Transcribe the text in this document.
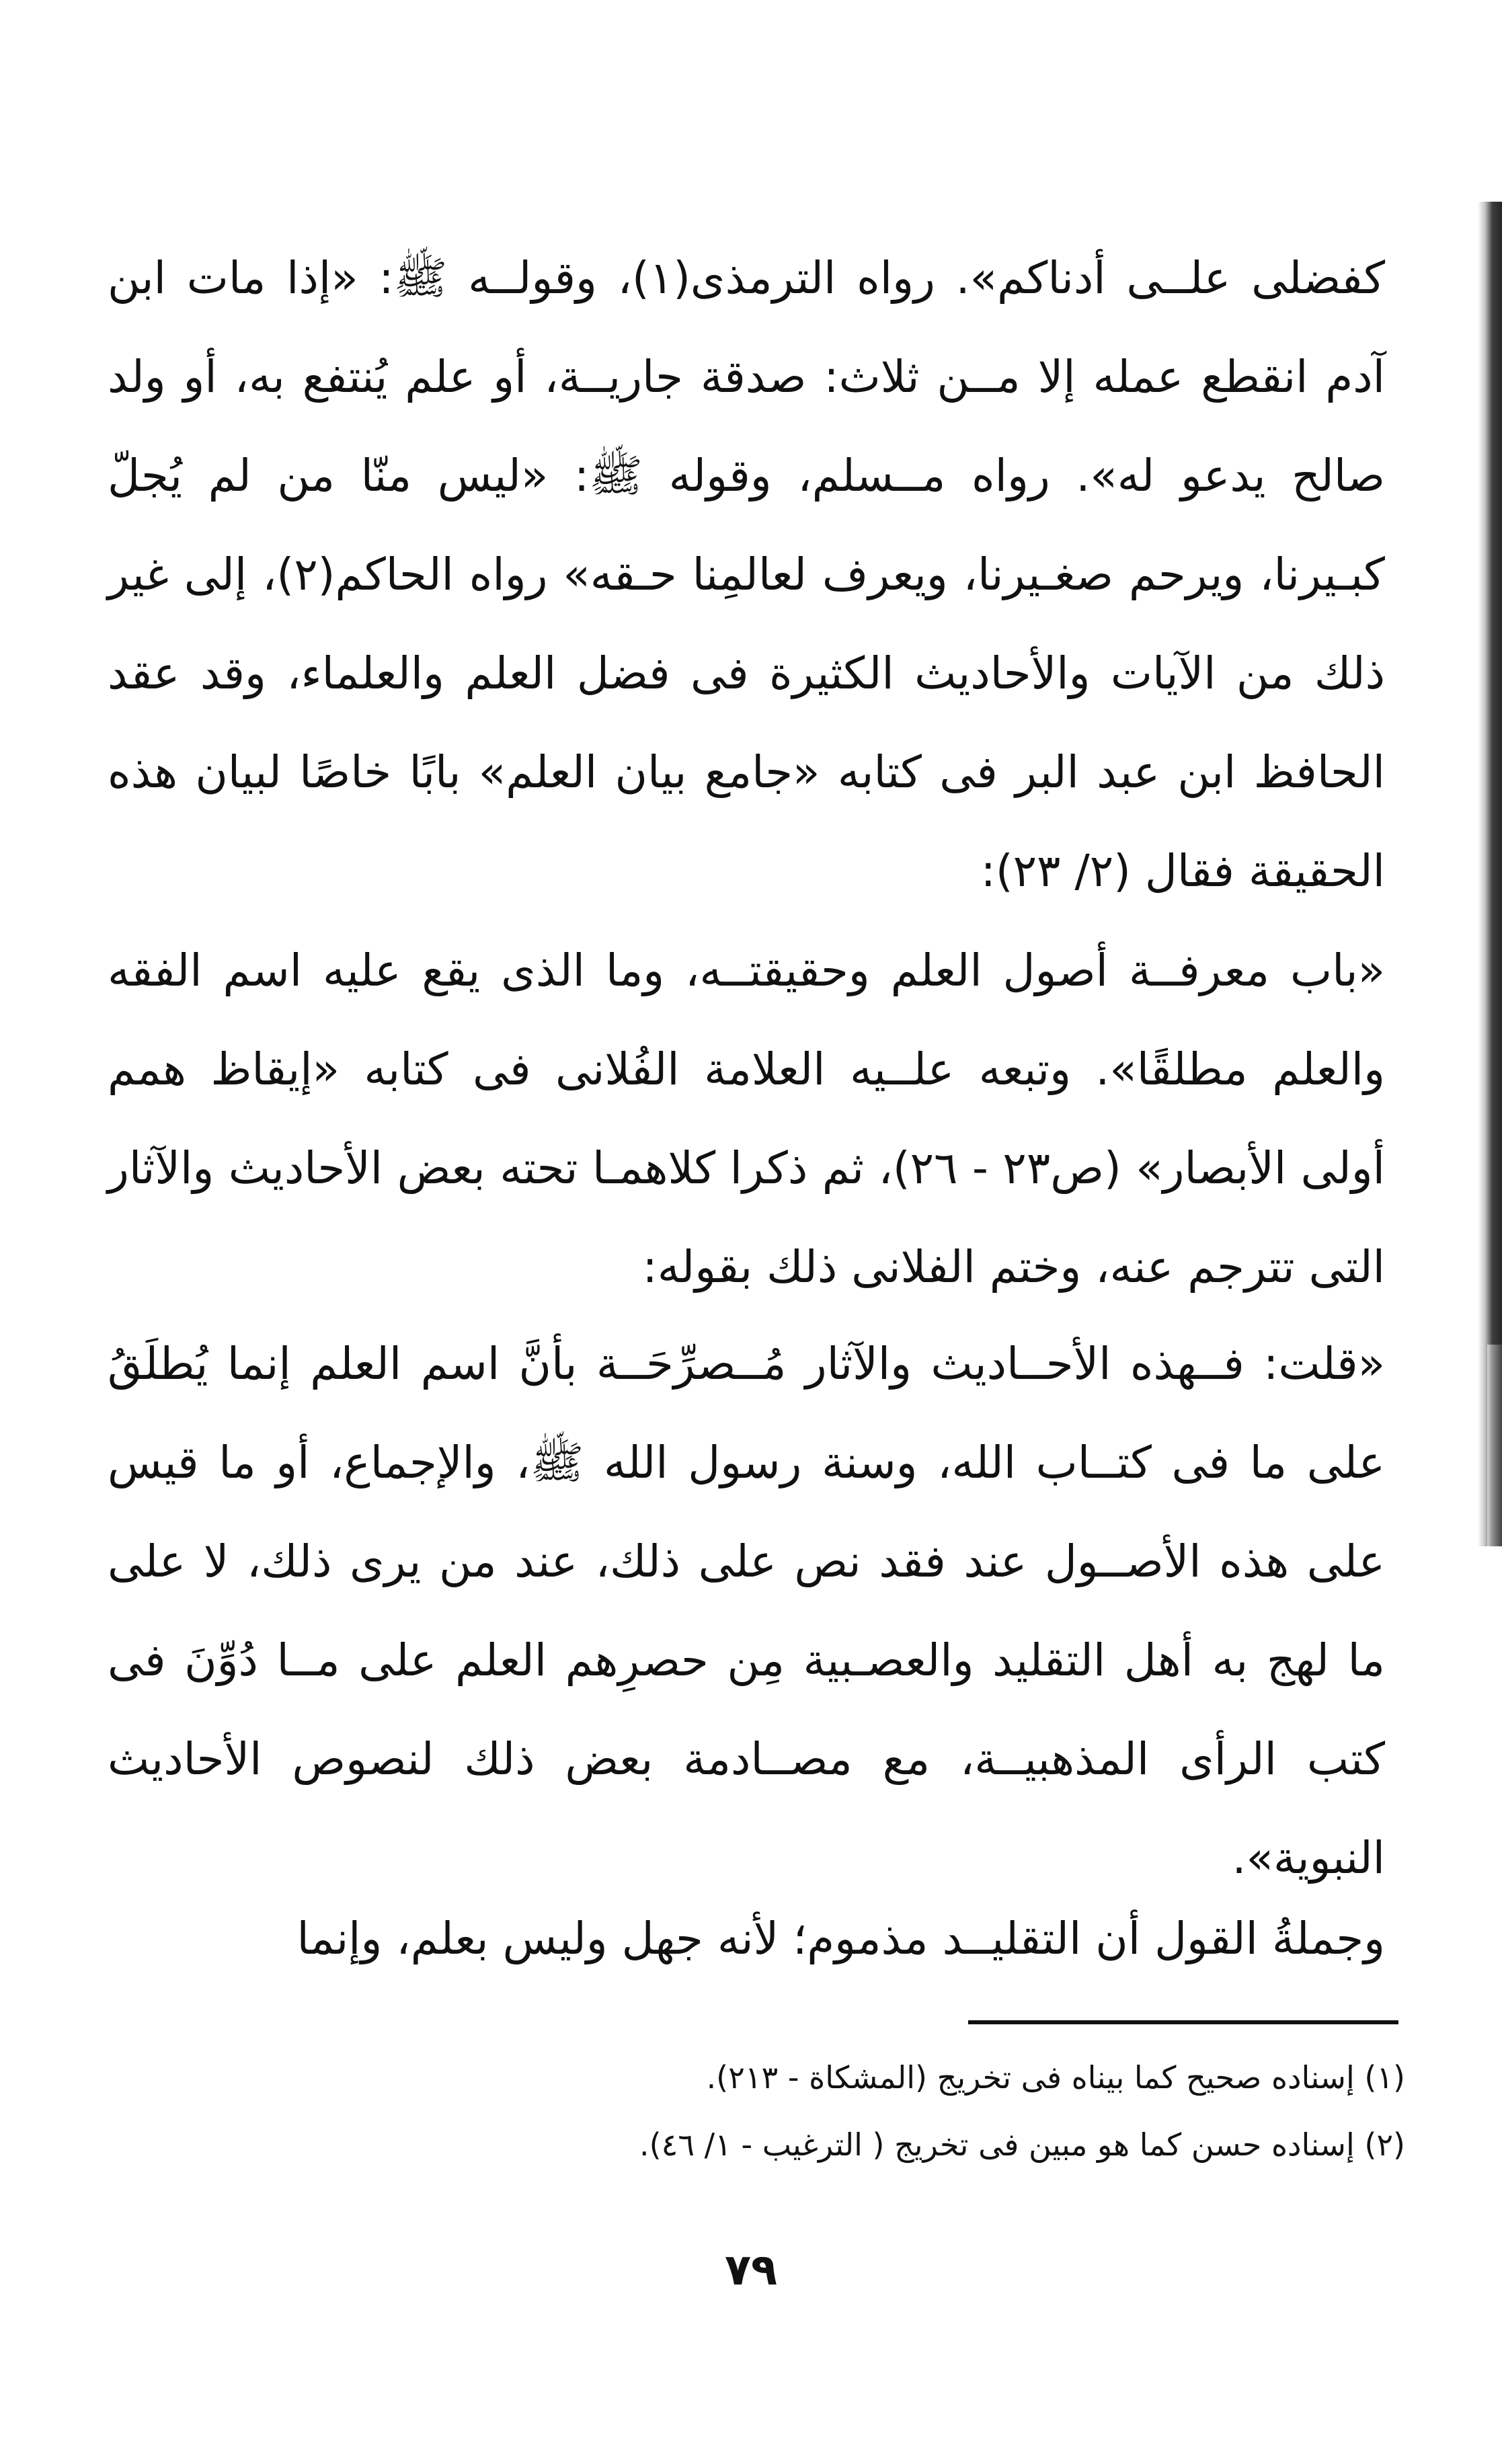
كفضلى علــى أدناكم». رواه الترمذى(١)، وقولــه ﷺ: «إذا مات ابن آدم انقطع عمله إلا مــن ثلاث: صدقة جاريــة، أو علم يُنتفع به، أو ولد صالح يدعو له». رواه مــسلم، وقوله ﷺ: «ليس منّا من لم يُجلّ كبـيرنا، ويرحم صغـيرنا، ويعرف لعالمِنا حـقه» رواه الحاكم(٢)، إلى غير ذلك من الآيات والأحاديث الكثيرة فى فضل العلم والعلماء، وقد عقد الحافظ ابن عبد البر فى كتابه «جامع بيان العلم» بابًا خاصًا لبيان هذه الحقيقة فقال (٢/ ٢٣):

«باب معرفــة أصول العلم وحقيقتــه، وما الذى يقع عليه اسم الفقه والعلم مطلقًا». وتبعه علــيه العلامة الفُلانى فى كتابه «إيقاظ همم أولى الأبصار» (ص٢٣ - ٢٦)، ثم ذكرا كلاهمـا تحته بعض الأحاديث والآثار التى تترجم عنه، وختم الفلانى ذلك بقوله:

«قلت: فــهذه الأحــاديث والآثار مُــصرِّحَــة بأنَّ اسم العلم إنما يُطلَقُ على ما فى كتــاب الله، وسنة رسول الله ﷺ، والإجماع، أو ما قيس على هذه الأصــول عند فقد نص على ذلك، عند من يرى ذلك، لا على ما لهج به أهل التقليد والعصـبية مِن حصرِهم العلم على مــا دُوِّنَ فى كتب الرأى المذهبيــة، مع مصــادمة بعض ذلك لنصوص الأحاديث النبوية».

وجملةُ القول أن التقليــد مذموم؛ لأنه جهل وليس بعلم، وإنما

(١) إسناده صحيح كما بيناه فى تخريج (المشكاة - ٢١٣).

(٢) إسناده حسن كما هو مبين فى تخريج ( الترغيب - ١/ ٤٦).

٧٩
